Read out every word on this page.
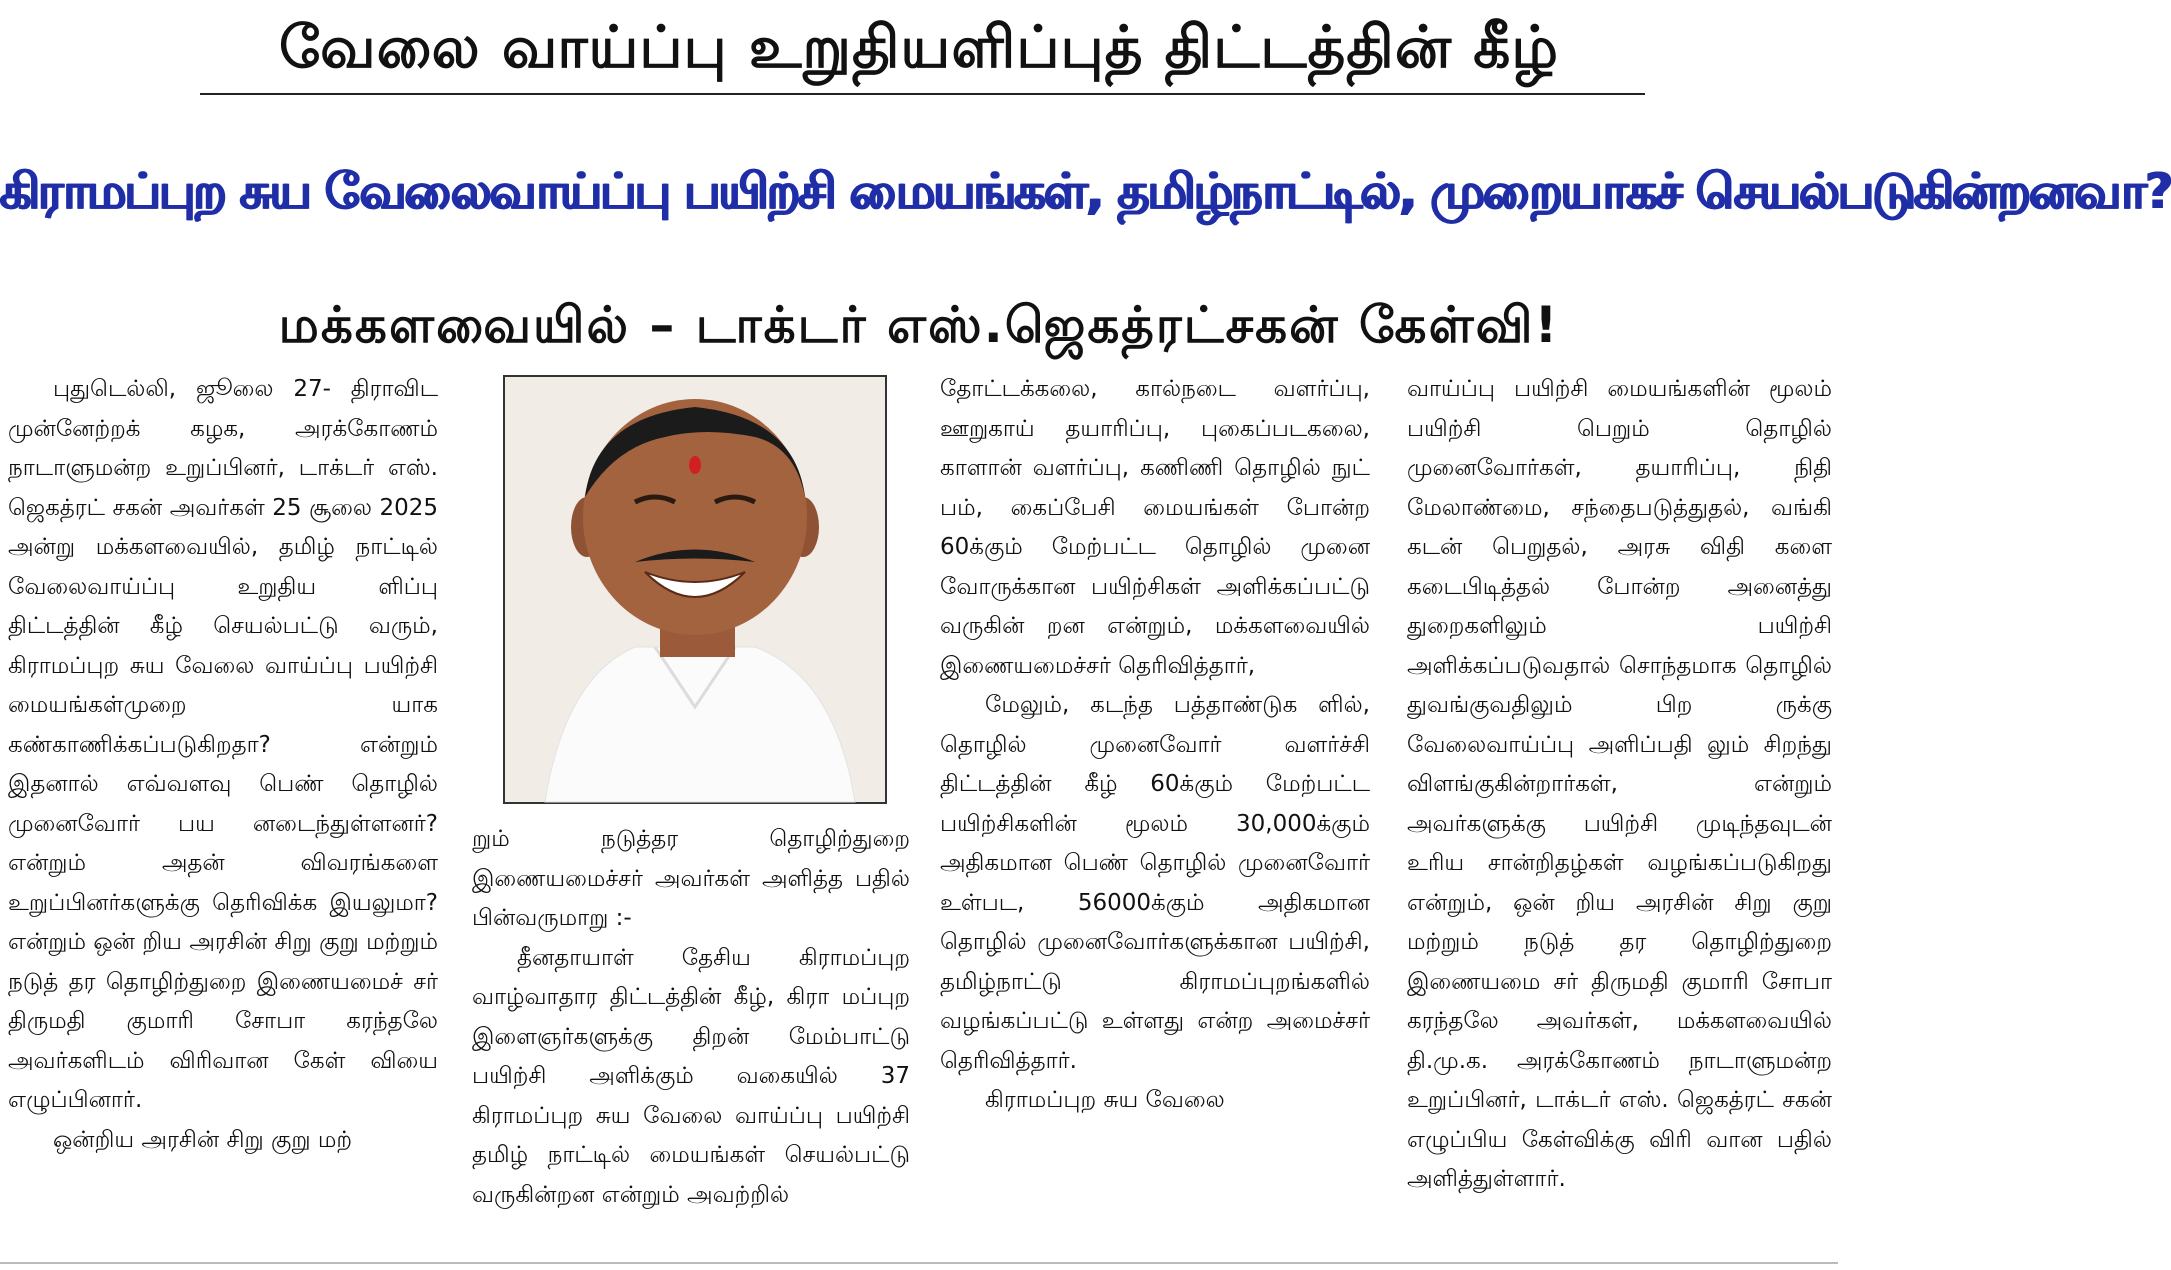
வேலை வாய்ப்பு உறுதியளிப்புத் திட்டத்தின் கீழ்
கிராமப்புற சுய வேலைவாய்ப்பு பயிற்சி மையங்கள், தமிழ்நாட்டில், முறையாகச் செயல்படுகின்றனவா?
மக்களவையில் – டாக்டர் எஸ்.ஜெகத்ரட்சகன் கேள்வி!

புதுடெல்லி, ஜூலை 27- திராவிட முன்னேற்றக் கழக, அரக்கோணம் நாடாளுமன்ற உறுப்பினர், டாக்டர் எஸ். ஜெகத்ரட் சகன் அவர்கள் 25 சூலை 2025 அன்று மக்களவையில், தமிழ் நாட்டில் வேலைவாய்ப்பு உறுதிய ளிப்பு திட்டத்தின் கீழ் செயல்பட்டு வரும், கிராமப்புற சுய வேலை வாய்ப்பு பயிற்சி மையங்கள்முறை யாக கண்காணிக்கப்படுகிறதா? என்றும் இதனால் எவ்வளவு பெண் தொழில் முனைவோர் பய னடைந்துள்ளனர்? என்றும் அதன் விவரங்களை உறுப்பினர்களுக்கு தெரிவிக்க இயலுமா? என்றும் ஒன் றிய அரசின் சிறு குறு மற்றும் நடுத் தர தொழிற்துறை இணையமைச் சர் திருமதி குமாரி சோபா கரந்தலே அவர்களிடம் விரிவான கேள் வியை எழுப்பினார்.

ஒன்றிய அரசின் சிறு குறு மற்

றும் நடுத்தர தொழிற்துறை இணையமைச்சர் அவர்கள் அளித்த பதில் பின்வருமாறு :-

தீனதாயாள் தேசிய கிராமப்புற வாழ்வாதார திட்டத்தின் கீழ், கிரா மப்புற இளைஞர்களுக்கு திறன் மேம்பாட்டு பயிற்சி அளிக்கும் வகையில் 37 கிராமப்புற சுய வேலை வாய்ப்பு பயிற்சி தமிழ் நாட்டில் மையங்கள் செயல்பட்டு வருகின்றன என்றும் அவற்றில்

தோட்டக்கலை, கால்நடை வளர்ப்பு, ஊறுகாய் தயாரிப்பு, புகைப்படகலை, காளான் வளர்ப்பு, கணிணி தொழில் நுட் பம், கைப்பேசி மையங்கள் போன்ற 60க்கும் மேற்பட்ட தொழில் முனை வோருக்கான பயிற்சிகள் அளிக்கப்பட்டு வருகின் றன என்றும், மக்களவையில் இணையமைச்சர் தெரிவித்தார்,

மேலும், கடந்த பத்தாண்டுக ளில், தொழில் முனைவோர் வளர்ச்சி திட்டத்தின் கீழ் 60க்கும் மேற்பட்ட பயிற்சிகளின் மூலம் 30,000க்கும் அதிகமான பெண் தொழில் முனைவோர் உள்பட, 56000க்கும் அதிகமான தொழில் முனைவோர்களுக்கான பயிற்சி, தமிழ்நாட்டு கிராமப்புறங்களில் வழங்கப்பட்டு உள்ளது என்ற அமைச்சர் தெரிவித்தார்.

கிராமப்புற சுய வேலை

வாய்ப்பு பயிற்சி மையங்களின் மூலம் பயிற்சி பெறும் தொழில் முனைவோர்கள், தயாரிப்பு, நிதி மேலாண்மை, சந்தைபடுத்துதல், வங்கி கடன் பெறுதல், அரசு விதி களை கடைபிடித்தல் போன்ற அனைத்து துறைகளிலும் பயிற்சி அளிக்கப்படுவதால் சொந்தமாக தொழில் துவங்குவதிலும் பிற ருக்கு வேலைவாய்ப்பு அளிப்பதி லும் சிறந்து விளங்குகின்றார்கள், என்றும் அவர்களுக்கு பயிற்சி முடிந்தவுடன் உரிய சான்றிதழ்கள் வழங்கப்படுகிறது என்றும், ஒன் றிய அரசின் சிறு குறு மற்றும் நடுத் தர தொழிற்துறை இணையமை சர் திருமதி குமாரி சோபா கரந்தலே அவர்கள், மக்களவையில் தி.மு.க. அரக்கோணம் நாடாளுமன்ற உறுப்பினர், டாக்டர் எஸ். ஜெகத்ரட் சகன் எழுப்பிய கேள்விக்கு விரி வான பதில் அளித்துள்ளார்.
